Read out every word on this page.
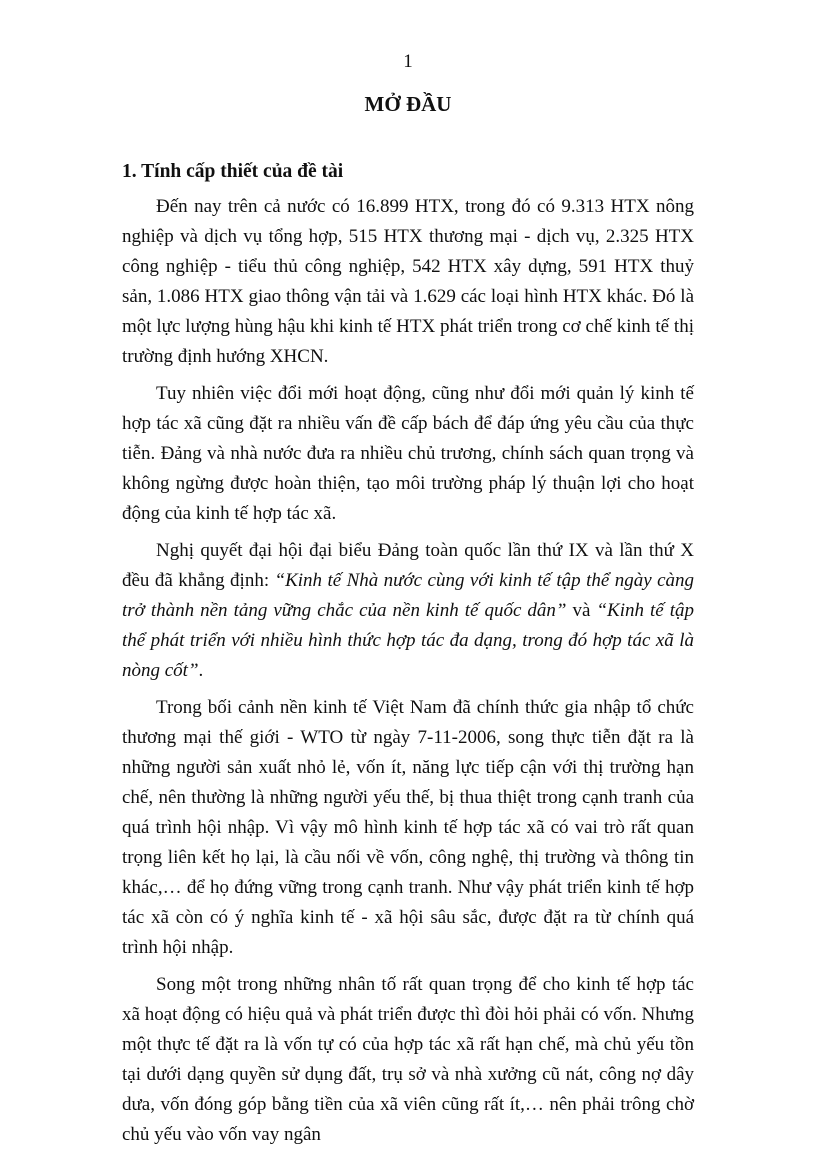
1
MỞ ĐẦU
1. Tính cấp thiết của đề tài

Đến nay trên cả nước có 16.899 HTX, trong đó có 9.313 HTX nông nghiệp và dịch vụ tổng hợp, 515 HTX thương mại - dịch vụ, 2.325 HTX công nghiệp - tiểu thủ công nghiệp, 542 HTX xây dựng, 591 HTX thuỷ sản, 1.086 HTX giao thông vận tải và 1.629 các loại hình HTX khác. Đó là một lực lượng hùng hậu khi kinh tế HTX phát triển trong cơ chế kinh tế thị trường định hướng XHCN.

Tuy nhiên việc đổi mới hoạt động, cũng như đổi mới quản lý kinh tế hợp tác xã cũng đặt ra nhiều vấn đề cấp bách để đáp ứng yêu cầu của thực tiễn. Đảng và nhà nước đưa ra nhiều chủ trương, chính sách quan trọng và không ngừng được hoàn thiện, tạo môi trường pháp lý thuận lợi cho hoạt động của kinh tế hợp tác xã.

Nghị quyết đại hội đại biểu Đảng toàn quốc lần thứ IX và lần thứ X đều đã khẳng định: “Kinh tế Nhà nước cùng với kinh tế tập thể ngày càng trở thành nền tảng vững chắc của nền kinh tế quốc dân” và “Kinh tế tập thể phát triển với nhiều hình thức hợp tác đa dạng, trong đó hợp tác xã là nòng cốt”.

Trong bối cảnh nền kinh tế Việt Nam đã chính thức gia nhập tổ chức thương mại thế giới - WTO từ ngày 7-11-2006, song thực tiễn đặt ra là những người sản xuất nhỏ lẻ, vốn ít, năng lực tiếp cận với thị trường hạn chế, nên thường là những người yếu thế, bị thua thiệt trong cạnh tranh của quá trình hội nhập. Vì vậy mô hình kinh tế hợp tác xã có vai trò rất quan trọng liên kết họ lại, là cầu nối về vốn, công nghệ, thị trường và thông tin khác,… để họ đứng vững trong cạnh tranh. Như vậy phát triển kinh tế hợp tác xã còn có ý nghĩa kinh tế - xã hội sâu sắc, được đặt ra từ chính quá trình hội nhập.

Song một trong những nhân tố rất quan trọng để cho kinh tế hợp tác xã hoạt động có hiệu quả và phát triển được thì đòi hỏi phải có vốn. Nhưng một thực tế đặt ra là vốn tự có của hợp tác xã rất hạn chế, mà chủ yếu tồn tại dưới dạng quyền sử dụng đất, trụ sở và nhà xưởng cũ nát, công nợ dây dưa, vốn đóng góp bằng tiền của xã viên cũng rất ít,… nên phải trông chờ chủ yếu vào vốn vay ngân
